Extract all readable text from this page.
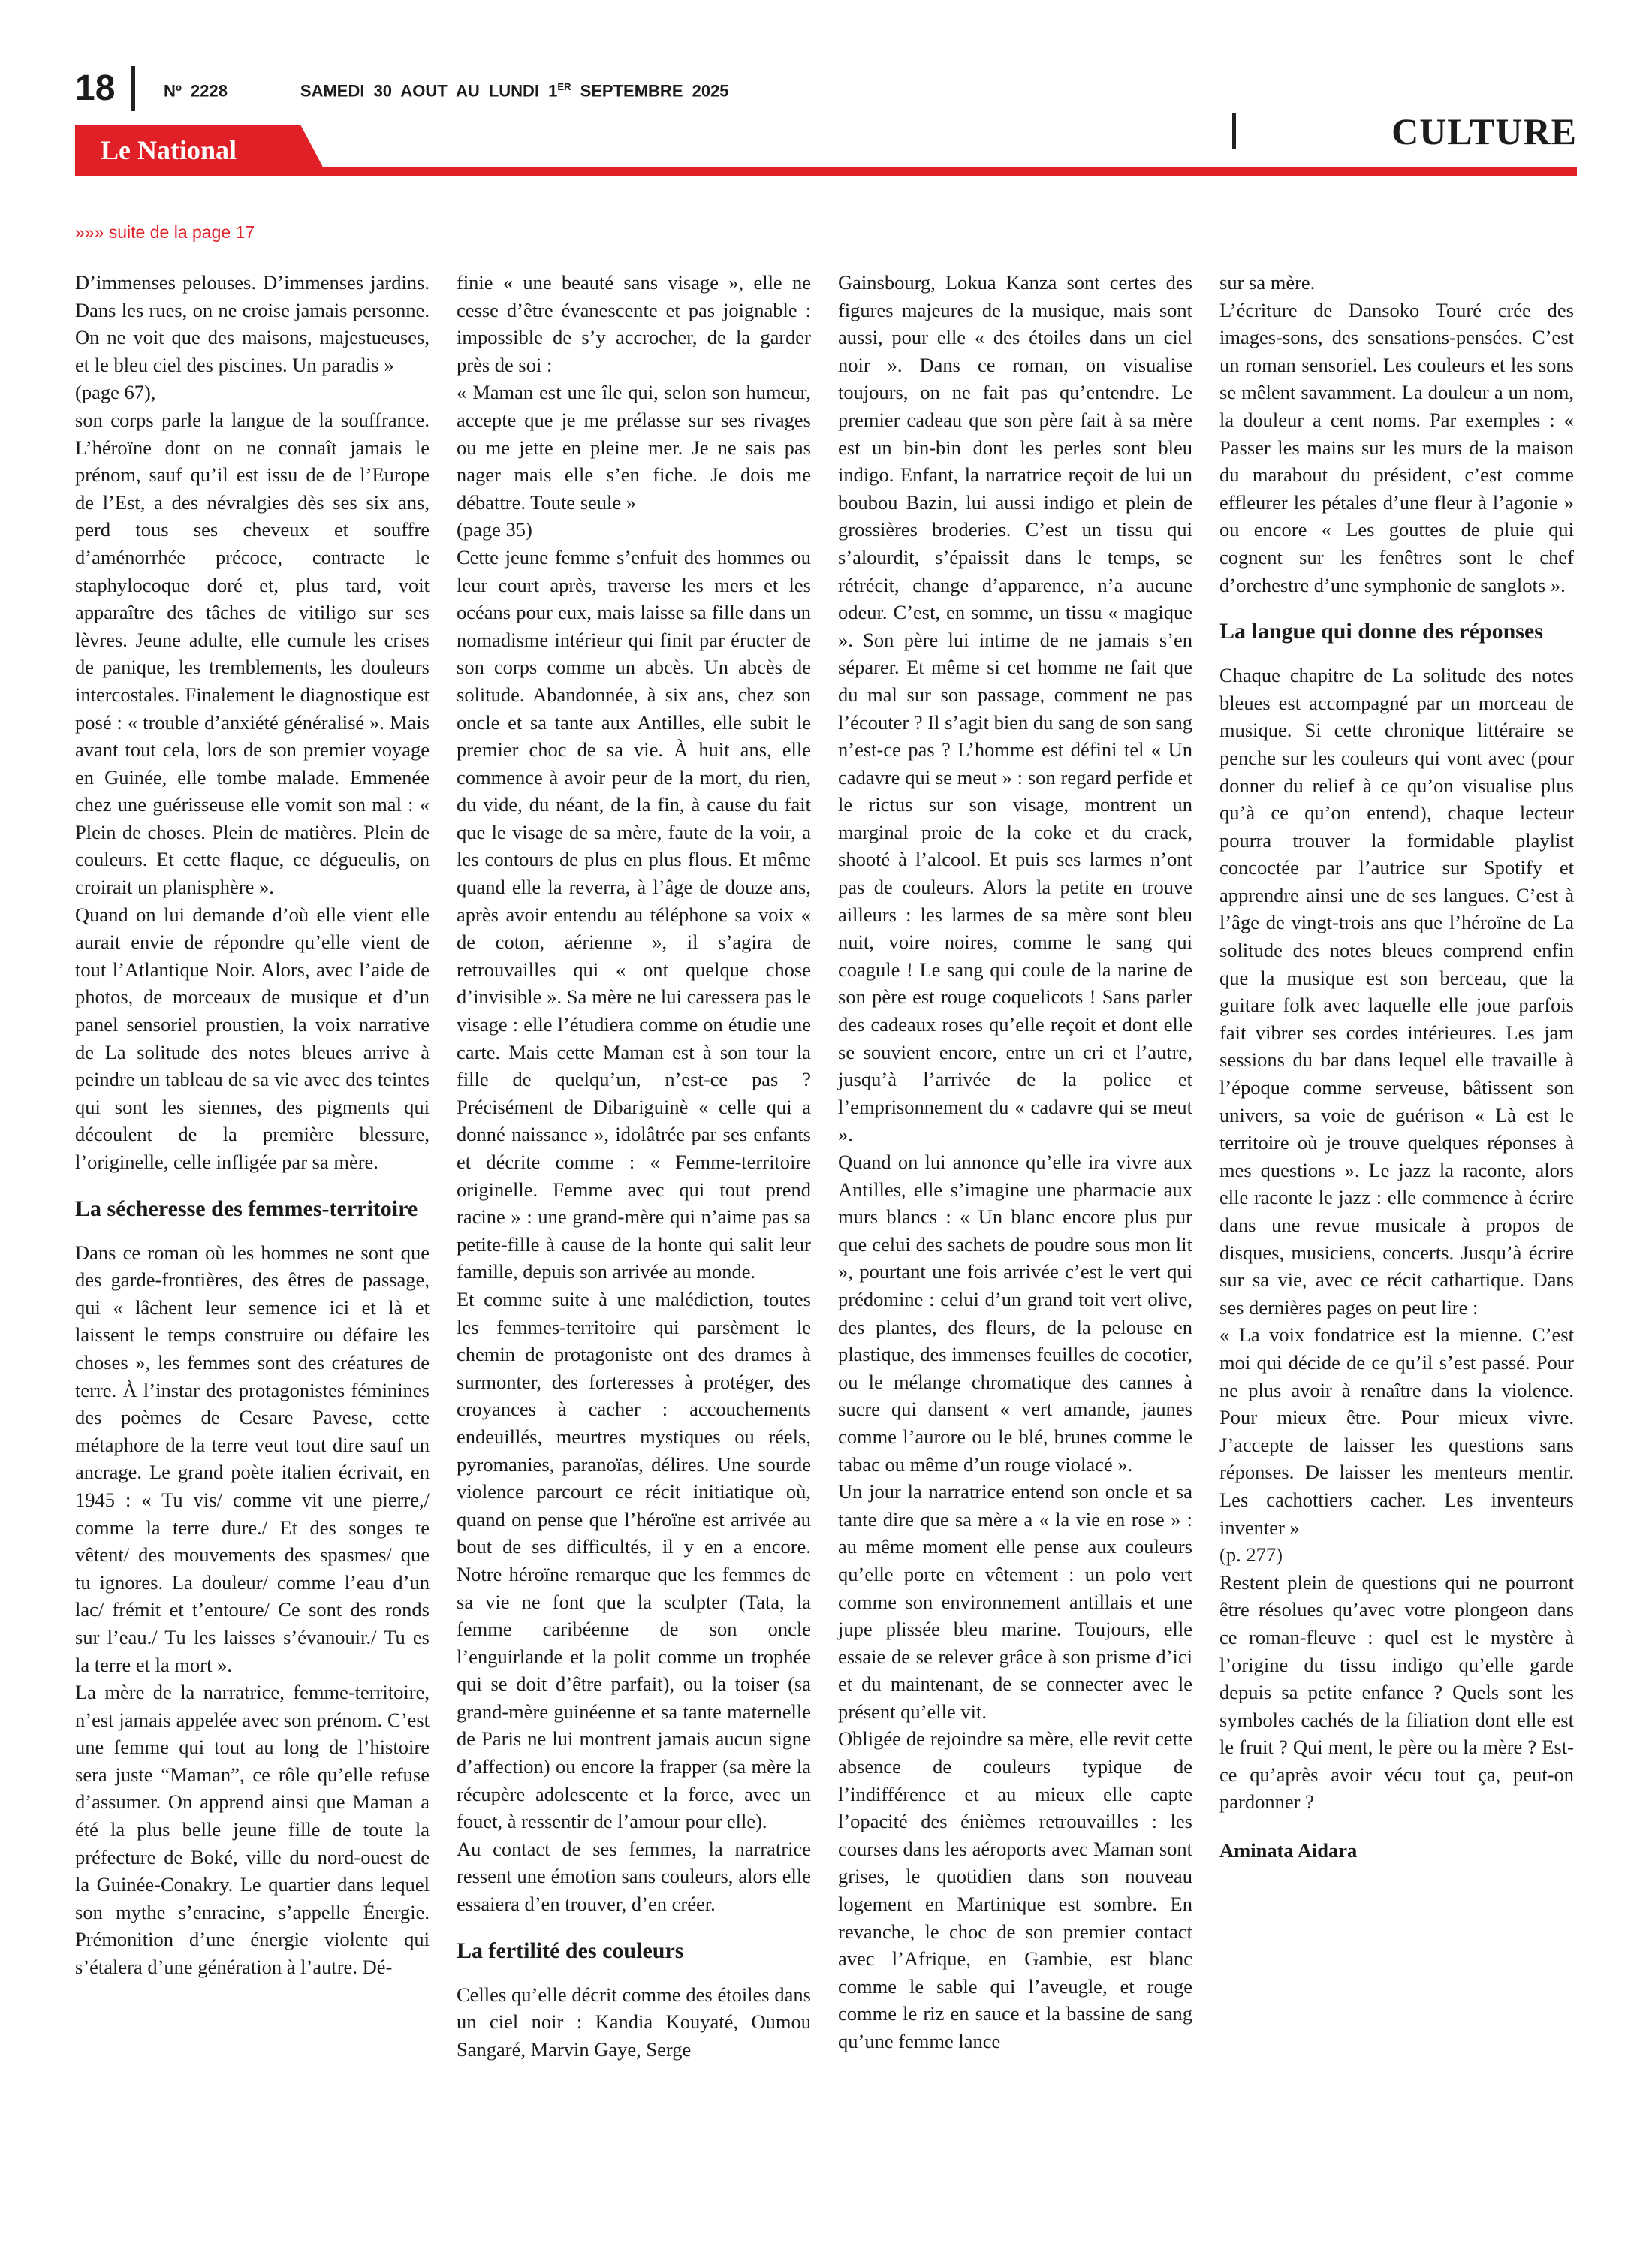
18	Nº 2228	SAMEDI 30 AOUT AU LUNDI 1ER SEPTEMBRE 2025
Le National	CULTURE
»»» suite de la page 17

D’immenses pelouses. D’immenses jardins. Dans les rues, on ne croise jamais personne. On ne voit que des maisons, majestueuses, et le bleu ciel des piscines. Un paradis »

(page 67),

son corps parle la langue de la souffrance. L’héroïne dont on ne connaît jamais le prénom, sauf qu’il est issu de de l’Europe de l’Est, a des névralgies dès ses six ans, perd tous ses cheveux et souffre d’aménorrhée précoce, contracte le staphylocoque doré et, plus tard, voit apparaître des tâches de vitiligo sur ses lèvres. Jeune adulte, elle cumule les crises de panique, les tremblements, les douleurs intercostales. Finalement le diagnostique est posé : « trouble d’anxiété généralisé ». Mais avant tout cela, lors de son premier voyage en Guinée, elle tombe malade. Emmenée chez une guérisseuse elle vomit son mal : « Plein de choses. Plein de matières. Plein de couleurs. Et cette flaque, ce dégueulis, on croirait un planisphère ».

Quand on lui demande d’où elle vient elle aurait envie de répondre qu’elle vient de tout l’Atlantique Noir. Alors, avec l’aide de photos, de morceaux de musique et d’un panel sensoriel proustien, la voix narrative de La solitude des notes bleues arrive à peindre un tableau de sa vie avec des teintes qui sont les siennes, des pigments qui découlent de la première blessure, l’originelle, celle infligée par sa mère.

La sécheresse des femmes-territoire

Dans ce roman où les hommes ne sont que des garde-frontières, des êtres de passage, qui « lâchent leur semence ici et là et laissent le temps construire ou défaire les choses », les femmes sont des créatures de terre. À l’instar des protagonistes féminines des poèmes de Cesare Pavese, cette métaphore de la terre veut tout dire sauf un ancrage. Le grand poète italien écrivait, en 1945 : « Tu vis/ comme vit une pierre,/ comme la terre dure./ Et des songes te vêtent/ des mouvements des spasmes/ que tu ignores. La douleur/ comme l’eau d’un lac/ frémit et t’entoure/ Ce sont des ronds sur l’eau./ Tu les laisses s’évanouir./ Tu es la terre et la mort ».

La mère de la narratrice, femme-territoire, n’est jamais appelée avec son prénom. C’est une femme qui tout au long de l’histoire sera juste “Maman”, ce rôle qu’elle refuse d’assumer. On apprend ainsi que Maman a été la plus belle jeune fille de toute la préfecture de Boké, ville du nord-ouest de la Guinée-Conakry. Le quartier dans lequel son mythe s’enracine, s’appelle Énergie. Prémonition d’une énergie violente qui s’étalera d’une génération à l’autre. Dé-

finie « une beauté sans visage », elle ne cesse d’être évanescente et pas joignable : impossible de s’y accrocher, de la garder près de soi :

« Maman est une île qui, selon son humeur, accepte que je me prélasse sur ses rivages ou me jette en pleine mer. Je ne sais pas nager mais elle s’en fiche. Je dois me débattre. Toute seule »

(page 35)

Cette jeune femme s’enfuit des hommes ou leur court après, traverse les mers et les océans pour eux, mais laisse sa fille dans un nomadisme intérieur qui finit par éructer de son corps comme un abcès. Un abcès de solitude. Abandonnée, à six ans, chez son oncle et sa tante aux Antilles, elle subit le premier choc de sa vie. À huit ans, elle commence à avoir peur de la mort, du rien, du vide, du néant, de la fin, à cause du fait que le visage de sa mère, faute de la voir, a les contours de plus en plus flous. Et même quand elle la reverra, à l’âge de douze ans, après avoir entendu au téléphone sa voix « de coton, aérienne », il s’agira de retrouvailles qui « ont quelque chose d’invisible ». Sa mère ne lui caressera pas le visage : elle l’étudiera comme on étudie une carte. Mais cette Maman est à son tour la fille de quelqu’un, n’est-ce pas ? Précisément de Dibariguinè « celle qui a donné naissance », idolâtrée par ses enfants et décrite comme : « Femme-territoire originelle. Femme avec qui tout prend racine » : une grand-mère qui n’aime pas sa petite-fille à cause de la honte qui salit leur famille, depuis son arrivée au monde.

Et comme suite à une malédiction, toutes les femmes-territoire qui parsèment le chemin de protagoniste ont des drames à surmonter, des forteresses à protéger, des croyances à cacher : accouchements endeuillés, meurtres mystiques ou réels, pyromanies, paranoïas, délires. Une sourde violence parcourt ce récit initiatique où, quand on pense que l’héroïne est arrivée au bout de ses difficultés, il y en a encore. Notre héroïne remarque que les femmes de sa vie ne font que la sculpter (Tata, la femme caribéenne de son oncle l’enguirlande et la polit comme un trophée qui se doit d’être parfait), ou la toiser (sa grand-mère guinéenne et sa tante maternelle de Paris ne lui montrent jamais aucun signe d’affection) ou encore la frapper (sa mère la récupère adolescente et la force, avec un fouet, à ressentir de l’amour pour elle).

Au contact de ses femmes, la narratrice ressent une émotion sans couleurs, alors elle essaiera d’en trouver, d’en créer.

La fertilité des couleurs

Celles qu’elle décrit comme des étoiles dans un ciel noir : Kandia Kouyaté, Oumou Sangaré, Marvin Gaye, Serge

Gainsbourg, Lokua Kanza sont certes des figures majeures de la musique, mais sont aussi, pour elle « des étoiles dans un ciel noir ». Dans ce roman, on visualise toujours, on ne fait pas qu’entendre. Le premier cadeau que son père fait à sa mère est un bin-bin dont les perles sont bleu indigo. Enfant, la narratrice reçoit de lui un boubou Bazin, lui aussi indigo et plein de grossières broderies. C’est un tissu qui s’alourdit, s’épaissit dans le temps, se rétrécit, change d’apparence, n’a aucune odeur. C’est, en somme, un tissu « magique ». Son père lui intime de ne jamais s’en séparer. Et même si cet homme ne fait que du mal sur son passage, comment ne pas l’écouter ? Il s’agit bien du sang de son sang n’est-ce pas ? L’homme est défini tel « Un cadavre qui se meut » : son regard perfide et le rictus sur son visage, montrent un marginal proie de la coke et du crack, shooté à l’alcool. Et puis ses larmes n’ont pas de couleurs. Alors la petite en trouve ailleurs : les larmes de sa mère sont bleu nuit, voire noires, comme le sang qui coagule ! Le sang qui coule de la narine de son père est rouge coquelicots ! Sans parler des cadeaux roses qu’elle reçoit et dont elle se souvient encore, entre un cri et l’autre, jusqu’à l’arrivée de la police et l’emprisonnement du « cadavre qui se meut ».

Quand on lui annonce qu’elle ira vivre aux Antilles, elle s’imagine une pharmacie aux murs blancs : « Un blanc encore plus pur que celui des sachets de poudre sous mon lit », pourtant une fois arrivée c’est le vert qui prédomine : celui d’un grand toit vert olive, des plantes, des fleurs, de la pelouse en plastique, des immenses feuilles de cocotier, ou le mélange chromatique des cannes à sucre qui dansent « vert amande, jaunes comme l’aurore ou le blé, brunes comme le tabac ou même d’un rouge violacé ».

Un jour la narratrice entend son oncle et sa tante dire que sa mère a « la vie en rose » : au même moment elle pense aux couleurs qu’elle porte en vêtement : un polo vert comme son environnement antillais et une jupe plissée bleu marine. Toujours, elle essaie de se relever grâce à son prisme d’ici et du maintenant, de se connecter avec le présent qu’elle vit.

Obligée de rejoindre sa mère, elle revit cette absence de couleurs typique de l’indifférence et au mieux elle capte l’opacité des énièmes retrouvailles : les courses dans les aéroports avec Maman sont grises, le quotidien dans son nouveau logement en Martinique est sombre. En revanche, le choc de son premier contact avec l’Afrique, en Gambie, est blanc comme le sable qui l’aveugle, et rouge comme le riz en sauce et la bassine de sang qu’une femme lance

sur sa mère.

L’écriture de Dansoko Touré crée des images-sons, des sensations-pensées. C’est un roman sensoriel. Les couleurs et les sons se mêlent savamment. La douleur a un nom, la douleur a cent noms. Par exemples : « Passer les mains sur les murs de la maison du marabout du président, c’est comme effleurer les pétales d’une fleur à l’agonie » ou encore « Les gouttes de pluie qui cognent sur les fenêtres sont le chef d’orchestre d’une symphonie de sanglots ».

La langue qui donne des réponses

Chaque chapitre de La solitude des notes bleues est accompagné par un morceau de musique. Si cette chronique littéraire se penche sur les couleurs qui vont avec (pour donner du relief à ce qu’on visualise plus qu’à ce qu’on entend), chaque lecteur pourra trouver la formidable playlist concoctée par l’autrice sur Spotify et apprendre ainsi une de ses langues. C’est à l’âge de vingt-trois ans que l’héroïne de La solitude des notes bleues comprend enfin que la musique est son berceau, que la guitare folk avec laquelle elle joue parfois fait vibrer ses cordes intérieures. Les jam sessions du bar dans lequel elle travaille à l’époque comme serveuse, bâtissent son univers, sa voie de guérison « Là est le territoire où je trouve quelques réponses à mes questions ». Le jazz la raconte, alors elle raconte le jazz : elle commence à écrire dans une revue musicale à propos de disques, musiciens, concerts. Jusqu’à écrire sur sa vie, avec ce récit cathartique. Dans ses dernières pages on peut lire :

« La voix fondatrice est la mienne. C’est moi qui décide de ce qu’il s’est passé. Pour ne plus avoir à renaître dans la violence. Pour mieux être. Pour mieux vivre. J’accepte de laisser les questions sans réponses. De laisser les menteurs mentir. Les cachottiers cacher. Les inventeurs inventer »

(p. 277)

Restent plein de questions qui ne pourront être résolues qu’avec votre plongeon dans ce roman-fleuve : quel est le mystère à l’origine du tissu indigo qu’elle garde depuis sa petite enfance ? Quels sont les symboles cachés de la filiation dont elle est le fruit ? Qui ment, le père ou la mère ? Est-ce qu’après avoir vécu tout ça, peut-on pardonner ?

Aminata Aidara
